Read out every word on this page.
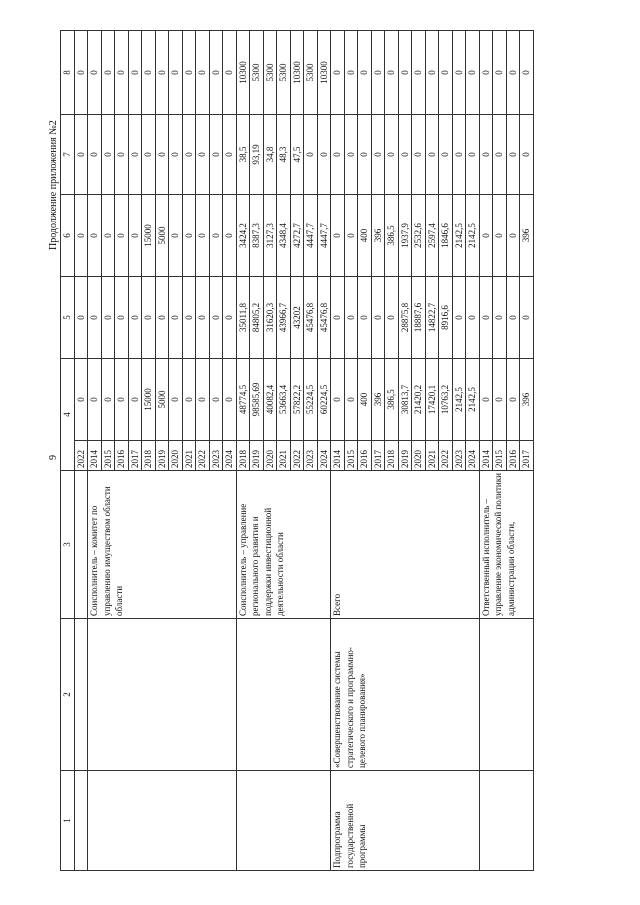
9
Продолжение приложения №2
1	2	3	4		5	6	7	8
			2022	0	0	0	0	0
		Соисполнитель – комитет по управлению имуществом области области	2014	0	0	0	0	0
			2015	0	0	0	0	0
			2016	0	0	0	0	0
			2017	0	0	0	0	0
			2018	15000	0	15000	0	0
			2019	5000	0	5000	0	0
			2020	0	0	0	0	0
			2021	0	0	0	0	0
			2022	0	0	0	0	0
			2023	0	0	0	0	0
			2024	0	0	0	0	0
		Соисполнитель – управление регионального развития и поддержки инвестиционной деятельности области	2018	48774,5	35011,8	3424,2	38,5	10300
			2019	98585,69	84805,2	8387,3	93,19	5300
			2020	40082,4	31620,3	3127,3	34,8	5300
			2021	53663,4	43966,7	4348,4	48,3	5300
			2022	57822,2	43202	4272,7	47,5	10300
			2023	55224,5	45476,8	4447,7	0	5300
			2024	60224,5	45476,8	4447,7	0	10300
Подпрограмма государственной программы	«Совершенствование системы стратегического и программно-целевого планирования»	Всего	2014	0	0	0	0	0
			2015	0	0	0	0	0
			2016	400	0	400	0	0
			2017	396	0	396	0	0
			2018	386,5	0	386,5	0	0
			2019	30813,7	28875,8	1937,9	0	0
			2020	21420,2	18887,6	2532,6	0	0
			2021	17420,1	14822,7	2597,4	0	0
			2022	10763,2	8916,6	1846,6	0	0
			2023	2142,5	0	2142,5	0	0
			2024	2142,5	0	2142,5	0	0
		Ответственный исполнитель – управление экономической политики администрации области,	2014	0	0	0	0	0
			2015	0	0	0	0	0
			2016	0	0	0	0	0
			2017	396	0	396	0	0
